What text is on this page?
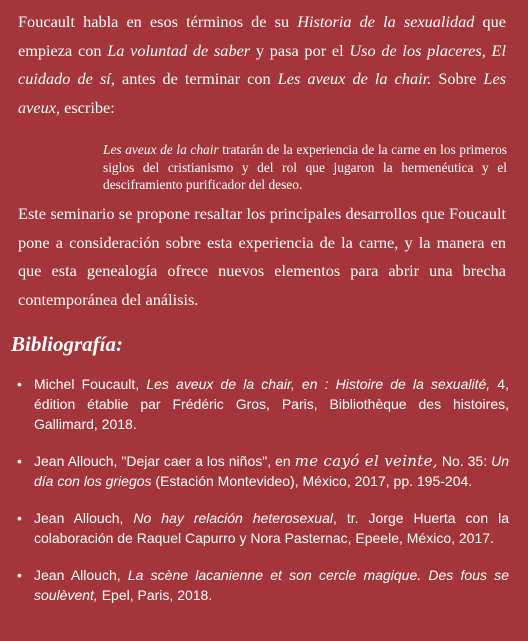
Foucault habla en esos términos de su Historia de la sexualidad que empieza con La voluntad de saber y pasa por el Uso de los placeres, El cuidado de sí, antes de terminar con Les aveux de la chair. Sobre Les aveux, escribe:

Les aveux de la chair tratarán de la experiencia de la carne en los primeros siglos del cristianismo y del rol que jugaron la hermenéutica y el desciframiento purificador del deseo.

Este seminario se propone resaltar los principales desarrollos que Foucault pone a consideración sobre esta experiencia de la carne, y la manera en que esta genealogía ofrece nuevos elementos para abrir una brecha contemporánea del análisis.

Bibliografía:
• Michel Foucault, Les aveux de la chair, en : Histoire de la sexualité, 4, édition établie par Frédéric Gros, Paris, Bibliothèque des histoires, Gallimard, 2018.
• Jean Allouch, "Dejar caer a los niños", en me cayó el veinte, No. 35: Un día con los griegos (Estación Montevideo), México, 2017, pp. 195-204.
• Jean Allouch, No hay relación heterosexual, tr. Jorge Huerta con la colaboración de Raquel Capurro y Nora Pasternac, Epeele, México, 2017.
• Jean Allouch, La scène lacanienne et son cercle magique. Des fous se soulèvent, Epel, Paris, 2018.
